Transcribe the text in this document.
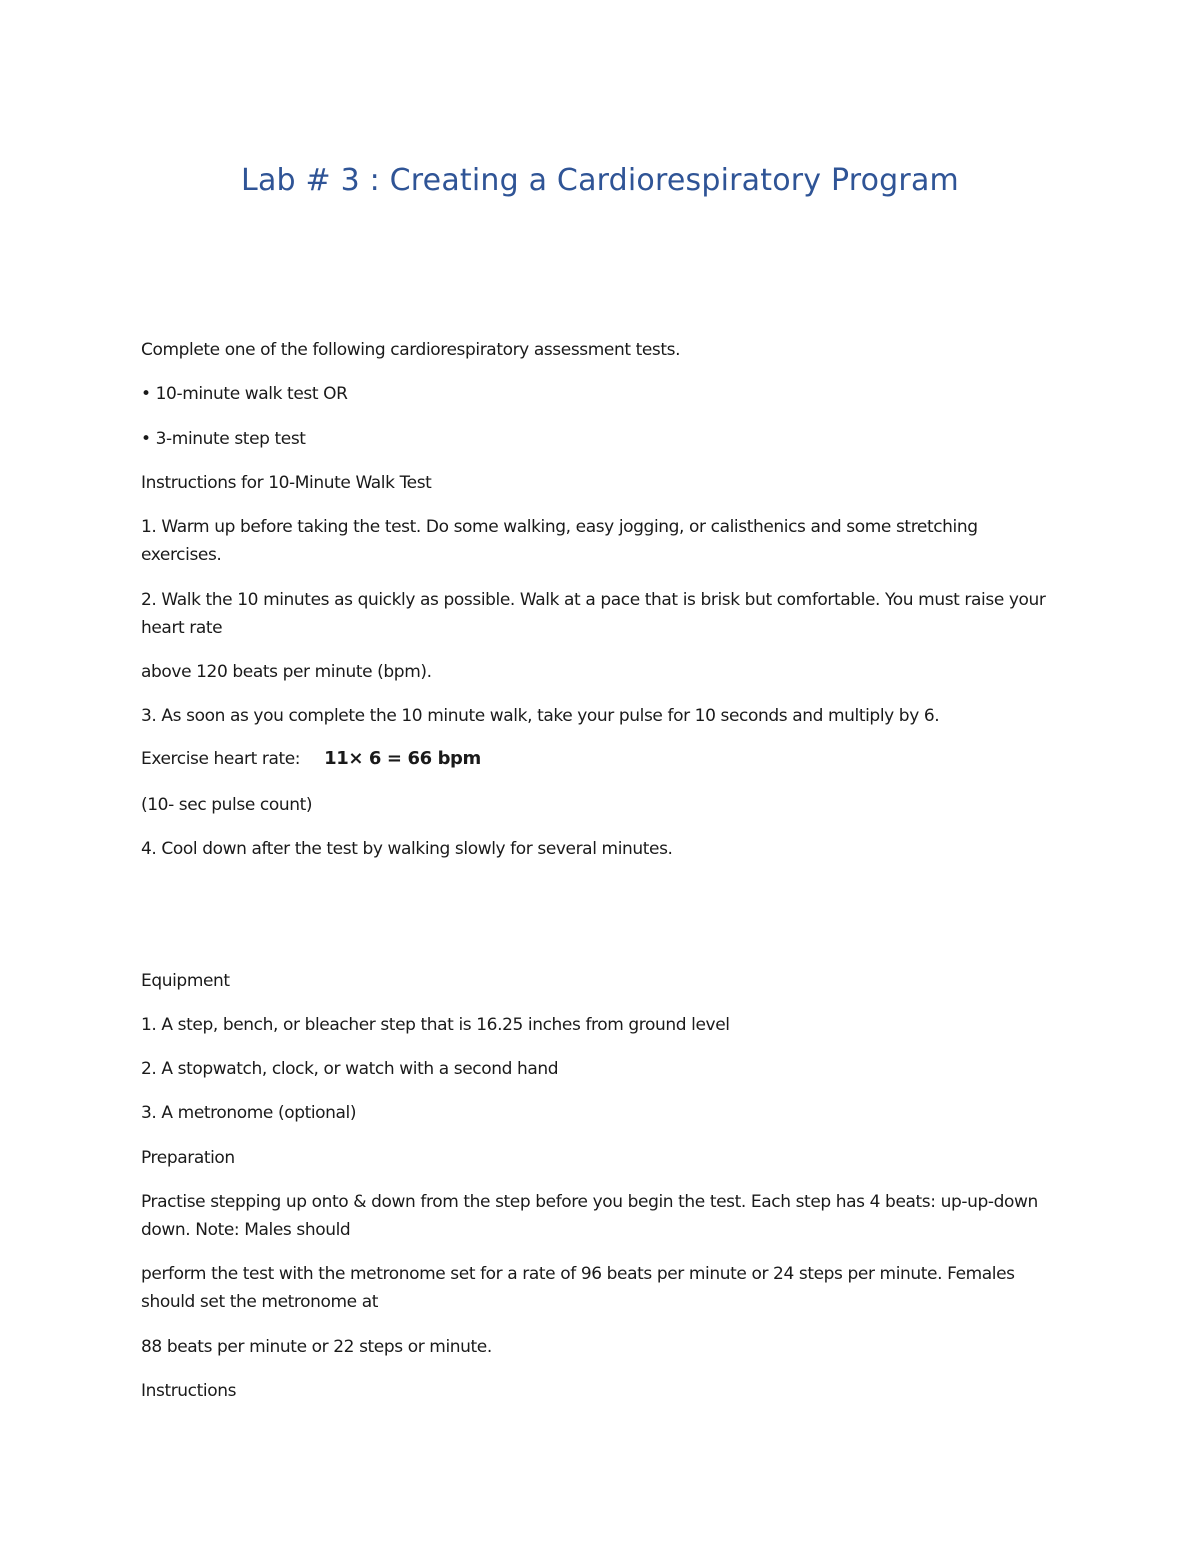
Lab # 3 : Creating a Cardiorespiratory Program
Complete one of the following cardiorespiratory assessment tests.
• 10-minute walk test OR
• 3-minute step test
Instructions for 10-Minute Walk Test
1. Warm up before taking the test. Do some walking, easy jogging, or calisthenics and some stretching exercises.
2. Walk the 10 minutes as quickly as possible. Walk at a pace that is brisk but comfortable. You must raise your heart rate
above 120 beats per minute (bpm).
3. As soon as you complete the 10 minute walk, take your pulse for 10 seconds and multiply by 6.
Exercise heart rate: 11× 6 = 66 bpm
(10- sec pulse count)
4. Cool down after the test by walking slowly for several minutes.
Equipment
1. A step, bench, or bleacher step that is 16.25 inches from ground level
2. A stopwatch, clock, or watch with a second hand
3. A metronome (optional)
Preparation
Practise stepping up onto & down from the step before you begin the test. Each step has 4 beats: up-up-down down. Note: Males should
perform the test with the metronome set for a rate of 96 beats per minute or 24 steps per minute. Females should set the metronome at
88 beats per minute or 22 steps or minute.
Instructions
